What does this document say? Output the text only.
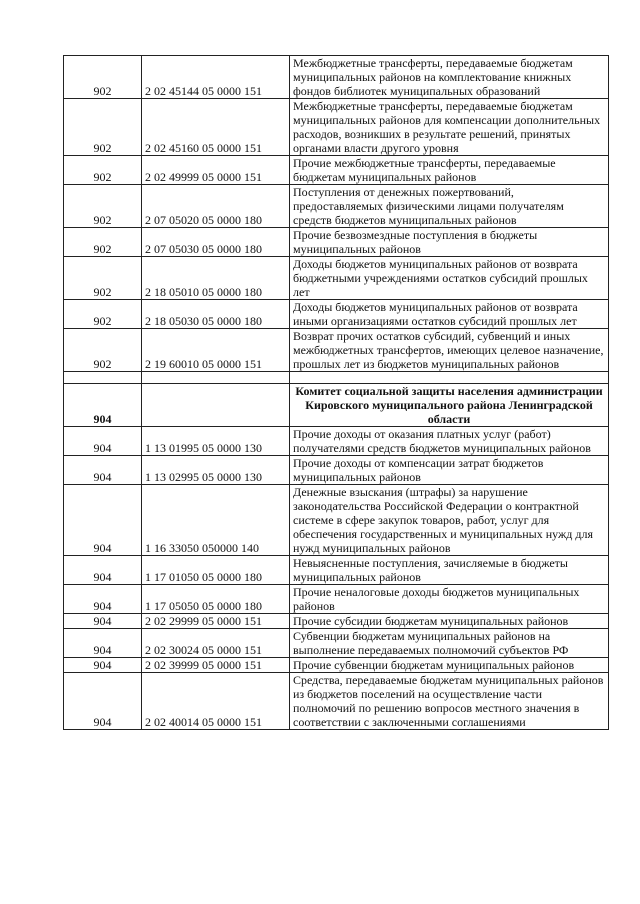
902	2 02 45144 05 0000 151	Межбюджетные трансферты, передаваемые бюджетам муниципальных районов на комплектование книжных фондов библиотек муниципальных образований
902	2 02 45160 05 0000 151	Межбюджетные трансферты, передаваемые бюджетам муниципальных районов для компенсации дополнительных расходов, возникших в результате решений, принятых органами власти другого уровня
902	2 02 49999 05 0000 151	Прочие межбюджетные трансферты, передаваемые бюджетам муниципальных районов
902	2 07 05020 05 0000 180	Поступления от денежных пожертвований, предоставляемых физическими лицами получателям средств бюджетов муниципальных районов
902	2 07 05030 05 0000 180	Прочие безвозмездные поступления в бюджеты муниципальных районов
902	2 18 05010 05 0000 180	Доходы бюджетов муниципальных районов от возврата бюджетными учреждениями остатков субсидий прошлых лет
902	2 18 05030 05 0000 180	Доходы бюджетов муниципальных районов от возврата иными организациями остатков субсидий прошлых лет
902	2 19 60010 05 0000 151	Возврат прочих остатков субсидий, субвенций и иных межбюджетных трансфертов, имеющих целевое назначение, прошлых лет из бюджетов муниципальных районов

904		Комитет социальной защиты населения администрации Кировского муниципального района Ленинградской области
904	1 13 01995 05 0000 130	Прочие доходы от оказания платных услуг (работ) получателями средств бюджетов муниципальных районов
904	1 13 02995 05 0000 130	Прочие доходы от компенсации затрат бюджетов муниципальных районов
904	1 16 33050 050000 140	Денежные взыскания (штрафы) за нарушение законодательства Российской Федерации о контрактной системе в сфере закупок товаров, работ, услуг для обеспечения государственных и муниципальных нужд для нужд муниципальных районов
904	1 17 01050 05 0000 180	Невыясненные поступления, зачисляемые в бюджеты муниципальных районов
904	1 17 05050 05 0000 180	Прочие неналоговые доходы бюджетов муниципальных районов
904	2 02 29999 05 0000 151	Прочие субсидии бюджетам муниципальных районов
904	2 02 30024 05 0000 151	Субвенции бюджетам муниципальных районов на выполнение передаваемых полномочий субъектов РФ
904	2 02 39999 05 0000 151	Прочие субвенции бюджетам муниципальных районов
904	2 02 40014 05 0000 151	Средства, передаваемые бюджетам муниципальных районов из бюджетов поселений на осуществление части полномочий по решению вопросов местного значения в соответствии с заключенными соглашениями
